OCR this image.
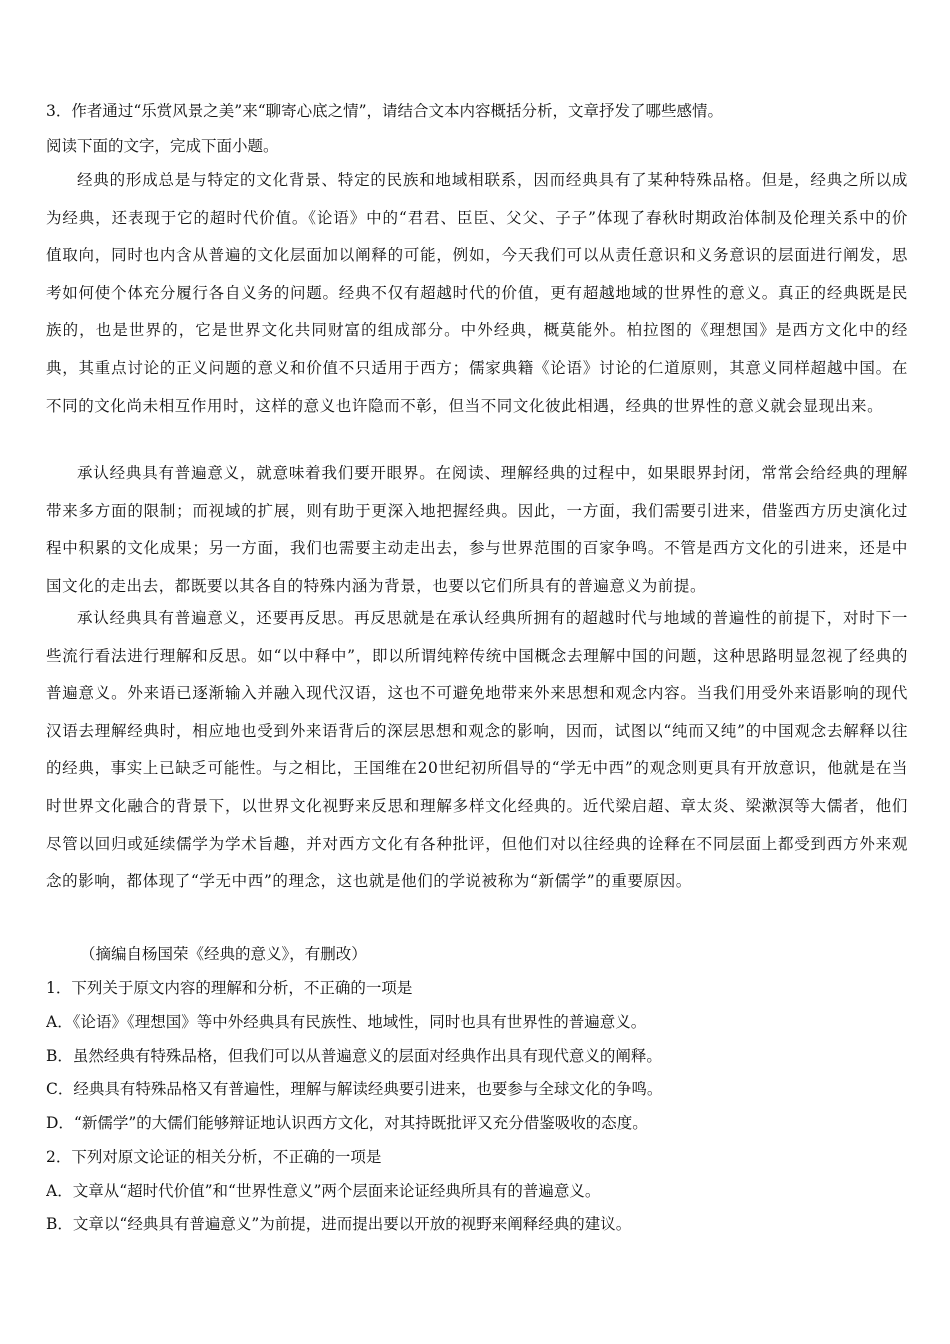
3．作者通过“乐赏风景之美”来“聊寄心底之情”，请结合文本内容概括分析，文章抒发了哪些感情。
阅读下面的文字，完成下面小题。
经典的形成总是与特定的文化背景、特定的民族和地域相联系，因而经典具有了某种特殊品格。但是，经典之所以成为经典，还表现于它的超时代价值。《论语》中的“君君、臣臣、父父、子子”体现了春秋时期政治体制及伦理关系中的价值取向，同时也内含从普遍的文化层面加以阐释的可能，例如，今天我们可以从责任意识和义务意识的层面进行阐发，思考如何使个体充分履行各自义务的问题。经典不仅有超越时代的价值，更有超越地域的世界性的意义。真正的经典既是民族的，也是世界的，它是世界文化共同财富的组成部分。中外经典，概莫能外。柏拉图的《理想国》是西方文化中的经典，其重点讨论的正义问题的意义和价值不只适用于西方；儒家典籍《论语》讨论的仁道原则，其意义同样超越中国。在不同的文化尚未相互作用时，这样的意义也许隐而不彰，但当不同文化彼此相遇，经典的世界性的意义就会显现出来。
承认经典具有普遍意义，就意味着我们要开眼界。在阅读、理解经典的过程中，如果眼界封闭，常常会给经典的理解带来多方面的限制；而视域的扩展，则有助于更深入地把握经典。因此，一方面，我们需要引进来，借鉴西方历史演化过程中积累的文化成果；另一方面，我们也需要主动走出去，参与世界范围的百家争鸣。不管是西方文化的引进来，还是中国文化的走出去，都既要以其各自的特殊内涵为背景，也要以它们所具有的普遍意义为前提。
承认经典具有普遍意义，还要再反思。再反思就是在承认经典所拥有的超越时代与地域的普遍性的前提下，对时下一些流行看法进行理解和反思。如“以中释中”，即以所谓纯粹传统中国概念去理解中国的问题，这种思路明显忽视了经典的普遍意义。外来语已逐渐输入并融入现代汉语，这也不可避免地带来外来思想和观念内容。当我们用受外来语影响的现代汉语去理解经典时，相应地也受到外来语背后的深层思想和观念的影响，因而，试图以“纯而又纯”的中国观念去解释以往的经典，事实上已缺乏可能性。与之相比，王国维在20世纪初所倡导的“学无中西”的观念则更具有开放意识，他就是在当时世界文化融合的背景下，以世界文化视野来反思和理解多样文化经典的。近代梁启超、章太炎、梁漱溟等大儒者，他们尽管以回归或延续儒学为学术旨趣，并对西方文化有各种批评，但他们对以往经典的诠释在不同层面上都受到西方外来观念的影响，都体现了“学无中西”的理念，这也就是他们的学说被称为“新儒学”的重要原因。
（摘编自杨国荣《经典的意义》，有删改）
1．下列关于原文内容的理解和分析，不正确的一项是
A．《论语》《理想国》等中外经典具有民族性、地域性，同时也具有世界性的普遍意义。
B．虽然经典有特殊品格，但我们可以从普遍意义的层面对经典作出具有现代意义的阐释。
C．经典具有特殊品格又有普遍性，理解与解读经典要引进来，也要参与全球文化的争鸣。
D．“新儒学”的大儒们能够辩证地认识西方文化，对其持既批评又充分借鉴吸收的态度。
2．下列对原文论证的相关分析，不正确的一项是
A．文章从“超时代价值”和“世界性意义”两个层面来论证经典所具有的普遍意义。
B．文章以“经典具有普遍意义”为前提，进而提出要以开放的视野来阐释经典的建议。
